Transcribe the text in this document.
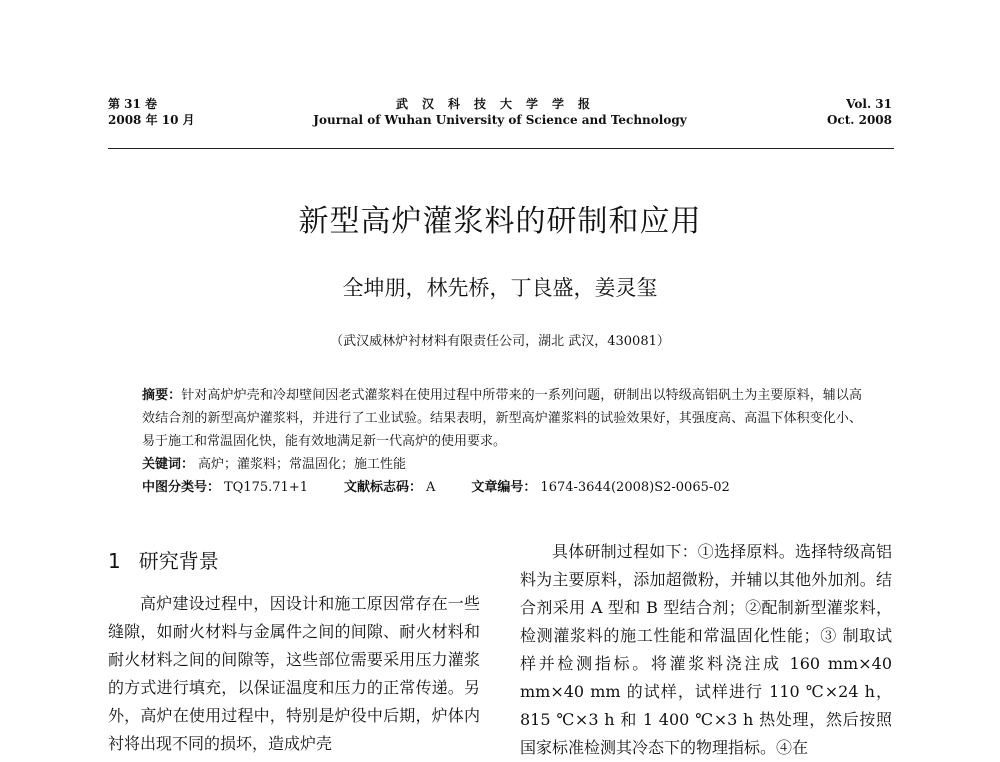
第 31 卷
2008 年 10 月
武汉科技大学学报
Journal of Wuhan University of Science and Technology
Vol. 31
Oct. 2008
新型高炉灌浆料的研制和应用
全坤朋，林先桥，丁良盛，姜灵玺
（武汉威林炉衬材料有限责任公司，湖北 武汉，430081）

摘要：针对高炉炉壳和冷却壁间因老式灌浆料在使用过程中所带来的一系列问题，研制出以特级高铝矾土为主要原料，辅以高效结合剂的新型高炉灌浆料，并进行了工业试验。结果表明，新型高炉灌浆料的试验效果好，其强度高、高温下体积变化小、易于施工和常温固化快，能有效地满足新一代高炉的使用要求。

关键词： 高炉；灌浆料；常温固化；施工性能
中图分类号： TQ175.71+1	文献标志码： A	文章编号： 1674-3644(2008)S2-0065-02
1 研究背景

高炉建设过程中，因设计和施工原因常存在一些缝隙，如耐火材料与金属件之间的间隙、耐火材料和耐火材料之间的间隙等，这些部位需要采用压力灌浆的方式进行填充，以保证温度和压力的正常传递。另外，高炉在使用过程中，特别是炉役中后期，炉体内衬将出现不同的损坏，造成炉壳

具体研制过程如下：①选择原料。选择特级高铝料为主要原料，添加超微粉，并辅以其他外加剂。结合剂采用 A 型和 B 型结合剂；②配制新型灌浆料，检测灌浆料的施工性能和常温固化性能；③ 制取试样并检测指标。将灌浆料浇注成 160 mm×40 mm×40 mm 的试样，试样进行 110 ℃×24 h，815 ℃×3 h 和 1 400 ℃×3 h 热处理，然后按照国家标准检测其冷态下的物理指标。④在
